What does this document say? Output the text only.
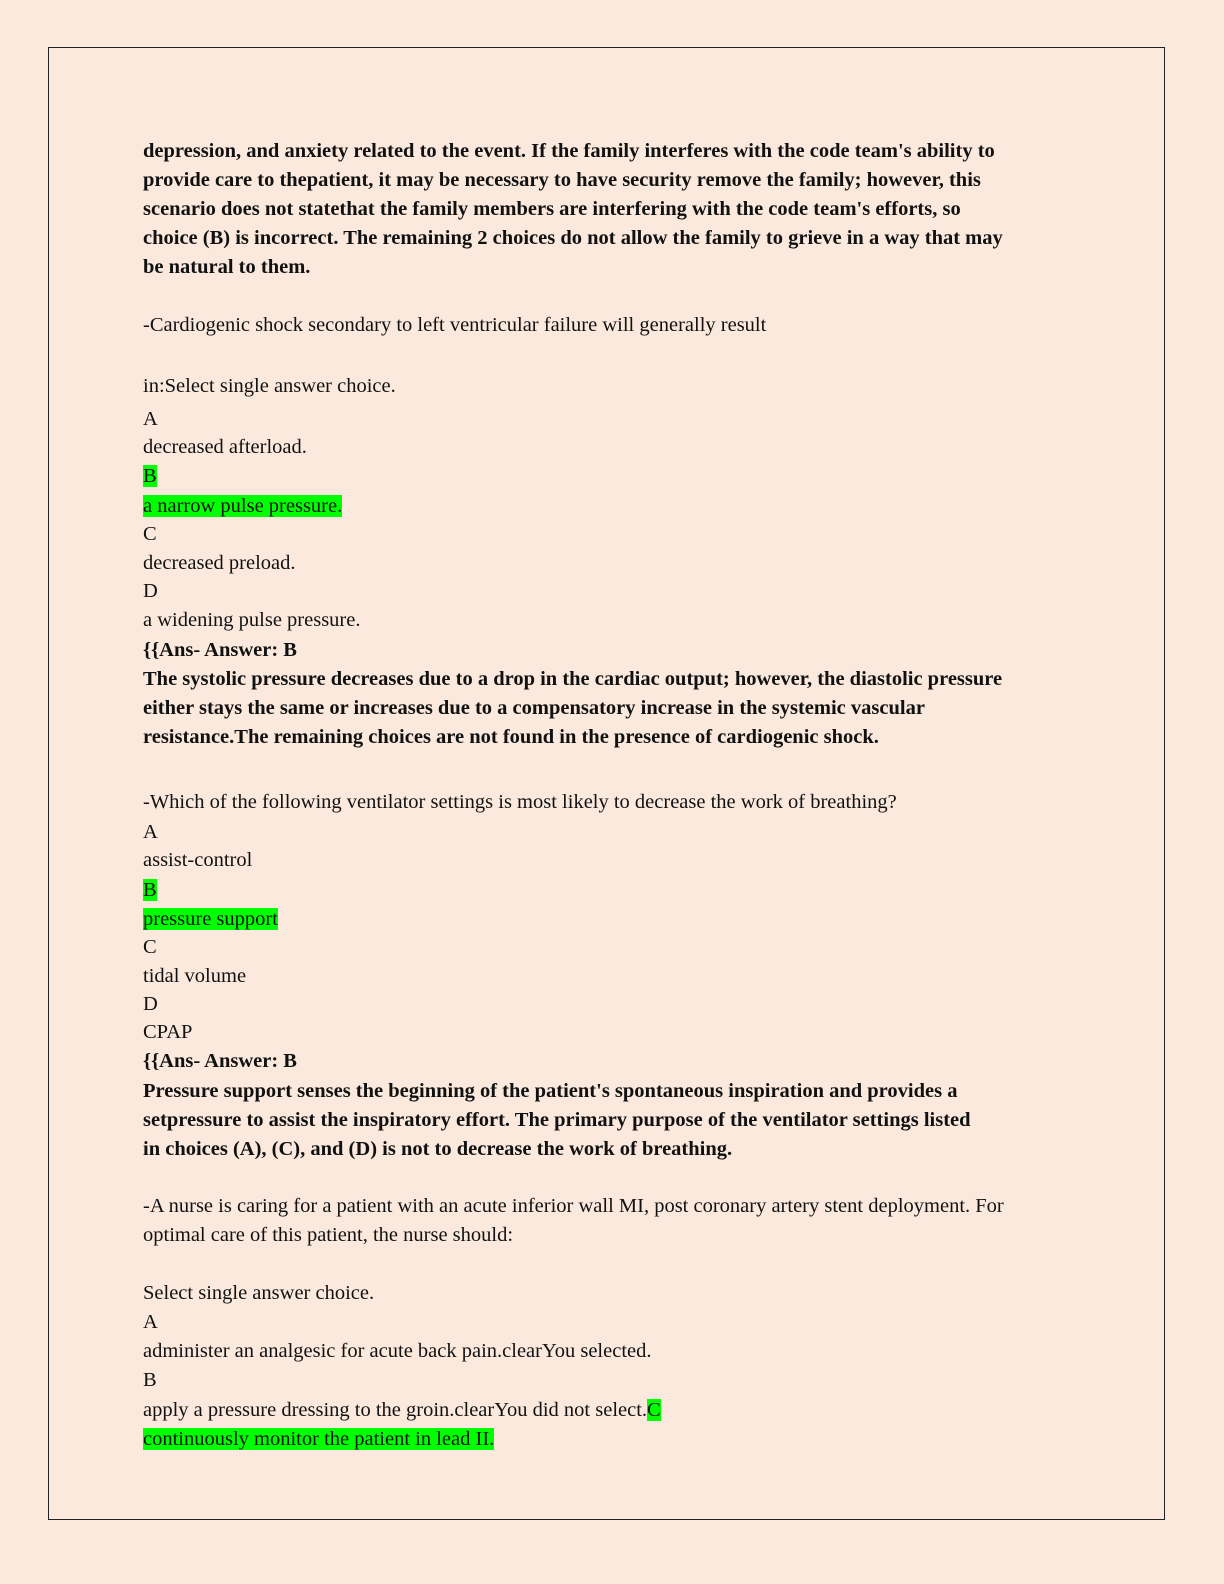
depression, and anxiety related to the event. If the family interferes with the code team's ability to
provide care to thepatient, it may be necessary to have security remove the family; however, this
scenario does not statethat the family members are interfering with the code team's efforts, so
choice (B) is incorrect. The remaining 2 choices do not allow the family to grieve in a way that may
be natural to them.
-Cardiogenic shock secondary to left ventricular failure will generally result
in:Select single answer choice.
A
decreased afterload.
B
a narrow pulse pressure.
C
decreased preload.
D
a widening pulse pressure.
{{Ans- Answer: B
The systolic pressure decreases due to a drop in the cardiac output; however, the diastolic pressure
either stays the same or increases due to a compensatory increase in the systemic vascular
resistance.The remaining choices are not found in the presence of cardiogenic shock.
-Which of the following ventilator settings is most likely to decrease the work of breathing?
A
assist-control
B
pressure support
C
tidal volume
D
CPAP
{{Ans- Answer: B
Pressure support senses the beginning of the patient's spontaneous inspiration and provides a
setpressure to assist the inspiratory effort. The primary purpose of the ventilator settings listed
in choices (A), (C), and (D) is not to decrease the work of breathing.
-A nurse is caring for a patient with an acute inferior wall MI, post coronary artery stent deployment. For
optimal care of this patient, the nurse should:
Select single answer choice.
A
administer an analgesic for acute back pain.clearYou selected.
B
apply a pressure dressing to the groin.clearYou did not select.C
continuously monitor the patient in lead II.
